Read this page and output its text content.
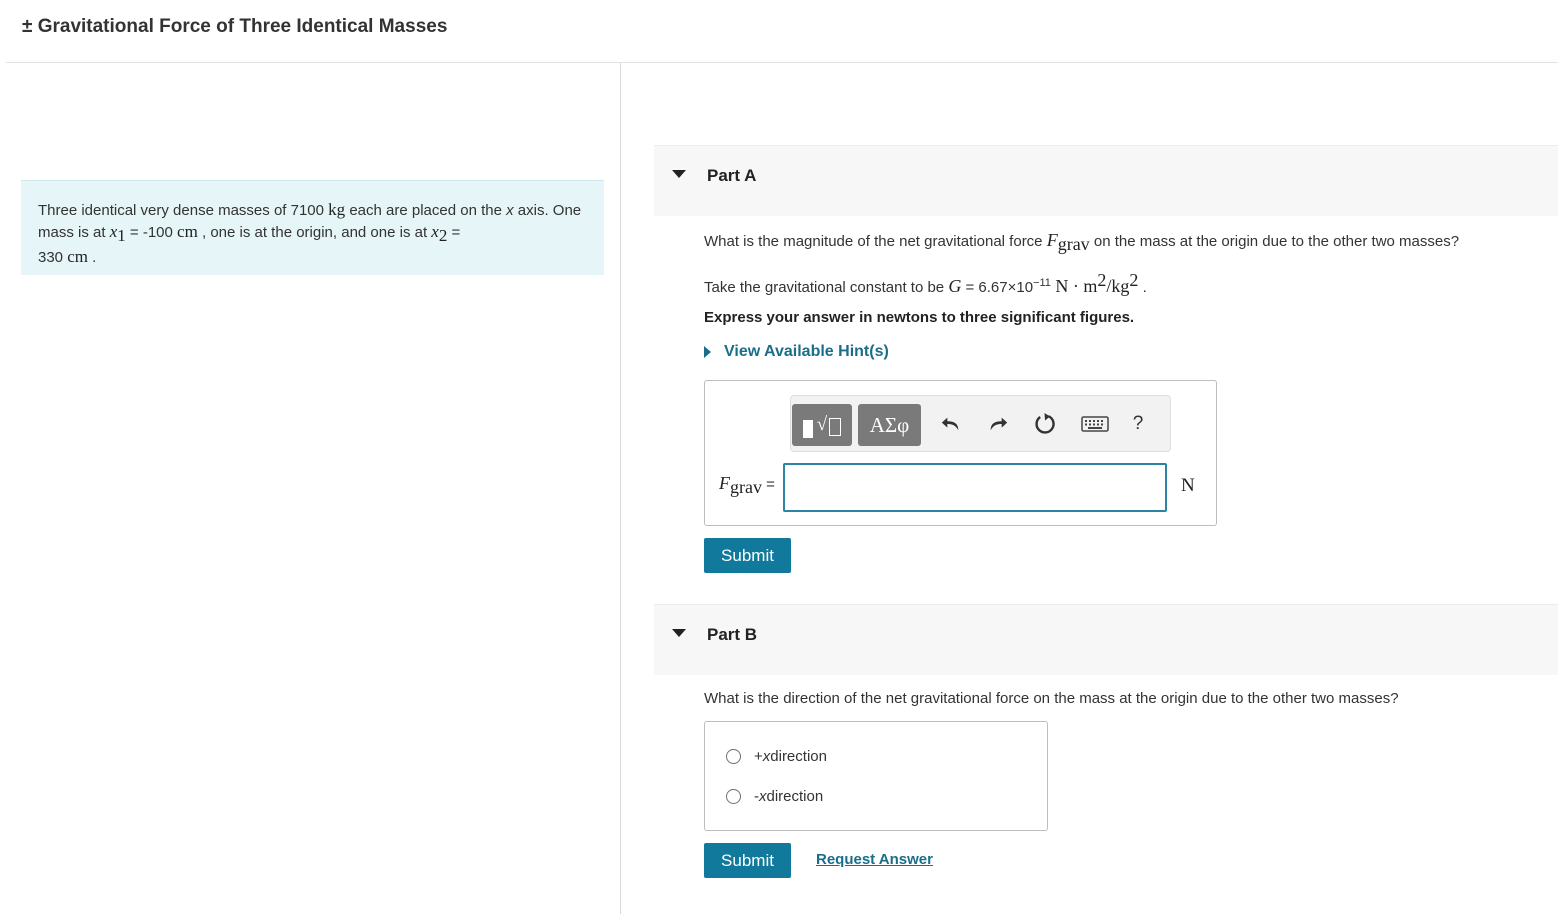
± Gravitational Force of Three Identical Masses
Three identical very dense masses of 7100 kg each are placed on the x axis. One mass is at $x_1 = -100$ cm , one is at the origin, and one is at $x_2$ =
330 cm .
Part A
What is the magnitude of the net gravitational force $F_{grav}$ on the mass at the origin due to the other two masses?
Take the gravitational constant to be $G = 6.67\times 10^{-11}$ $N \cdot m^2/kg^2$ .
Express your answer in newtons to three significant figures.
View Available Hint(s)
√	ΑΣφ	?
$F_{grav}$ =	N
Submit
Part B
What is the direction of the net gravitational force on the mass at the origin due to the other two masses?
+ x direction
- x direction
Submit	Request Answer
